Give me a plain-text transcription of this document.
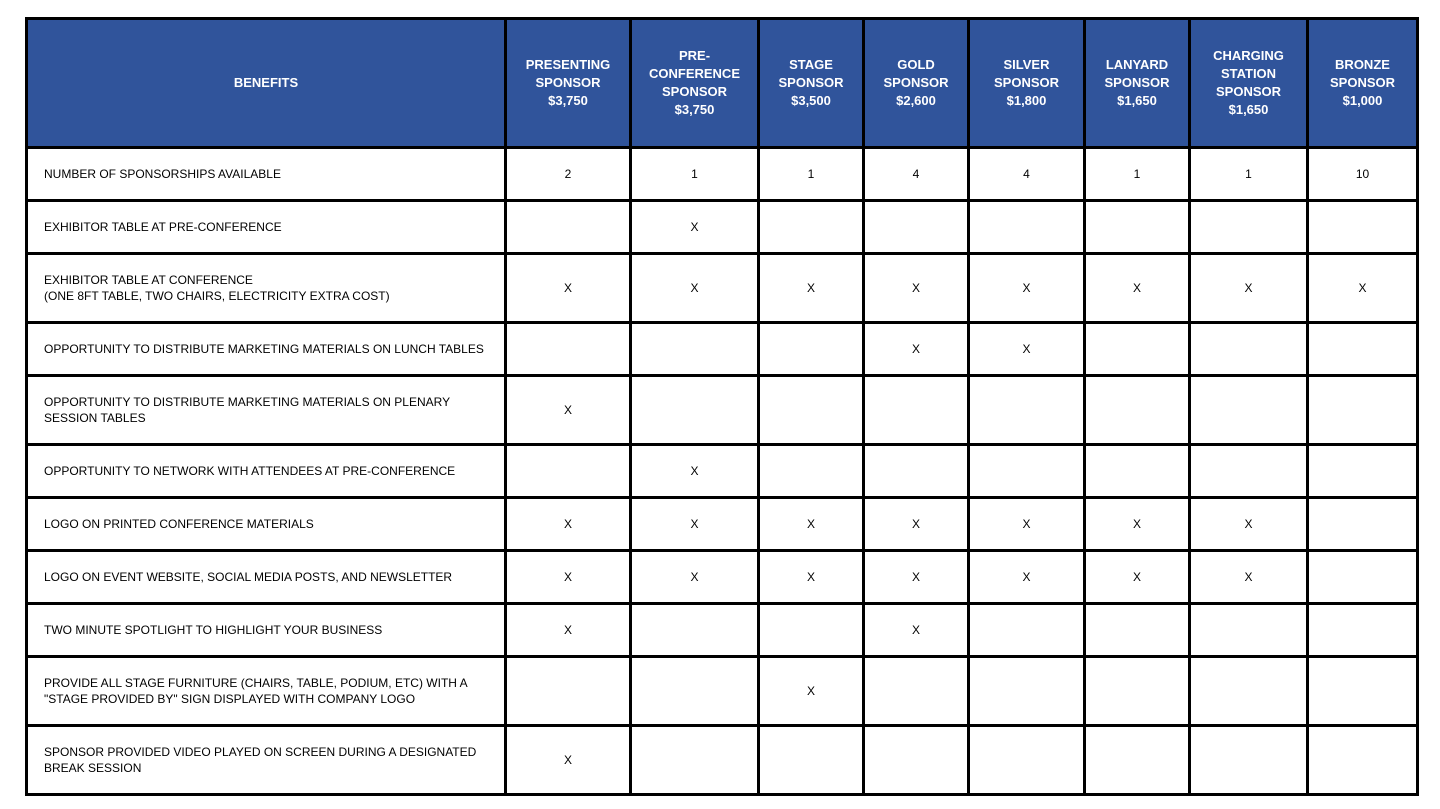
BENEFITS	PRESENTING
SPONSOR
$3,750	PRE-
CONFERENCE
SPONSOR
$3,750	STAGE
SPONSOR
$3,500	GOLD
SPONSOR
$2,600	SILVER
SPONSOR
$1,800	LANYARD
SPONSOR
$1,650	CHARGING
STATION
SPONSOR
$1,650	BRONZE
SPONSOR
$1,000

NUMBER OF SPONSORSHIPS AVAILABLE	2	1	1	4	4	1	1	10

EXHIBITOR TABLE AT PRE-CONFERENCE		X						

EXHIBITOR TABLE AT CONFERENCE
(ONE 8FT TABLE, TWO CHAIRS, ELECTRICITY EXTRA COST)	X	X	X	X	X	X	X	X

OPPORTUNITY TO DISTRIBUTE MARKETING MATERIALS ON LUNCH TABLES				X	X			

OPPORTUNITY TO DISTRIBUTE MARKETING MATERIALS ON PLENARY
SESSION TABLES	X							

OPPORTUNITY TO NETWORK WITH ATTENDEES AT PRE-CONFERENCE		X						

LOGO ON PRINTED CONFERENCE MATERIALS	X	X	X	X	X	X	X	

LOGO ON EVENT WEBSITE, SOCIAL MEDIA POSTS, AND NEWSLETTER	X	X	X	X	X	X	X	

TWO MINUTE SPOTLIGHT TO HIGHLIGHT YOUR BUSINESS	X			X				

PROVIDE ALL STAGE FURNITURE (CHAIRS, TABLE, PODIUM, ETC) WITH A
"STAGE PROVIDED BY" SIGN DISPLAYED WITH COMPANY LOGO			X					

SPONSOR PROVIDED VIDEO PLAYED ON SCREEN DURING A DESIGNATED
BREAK SESSION	X							
